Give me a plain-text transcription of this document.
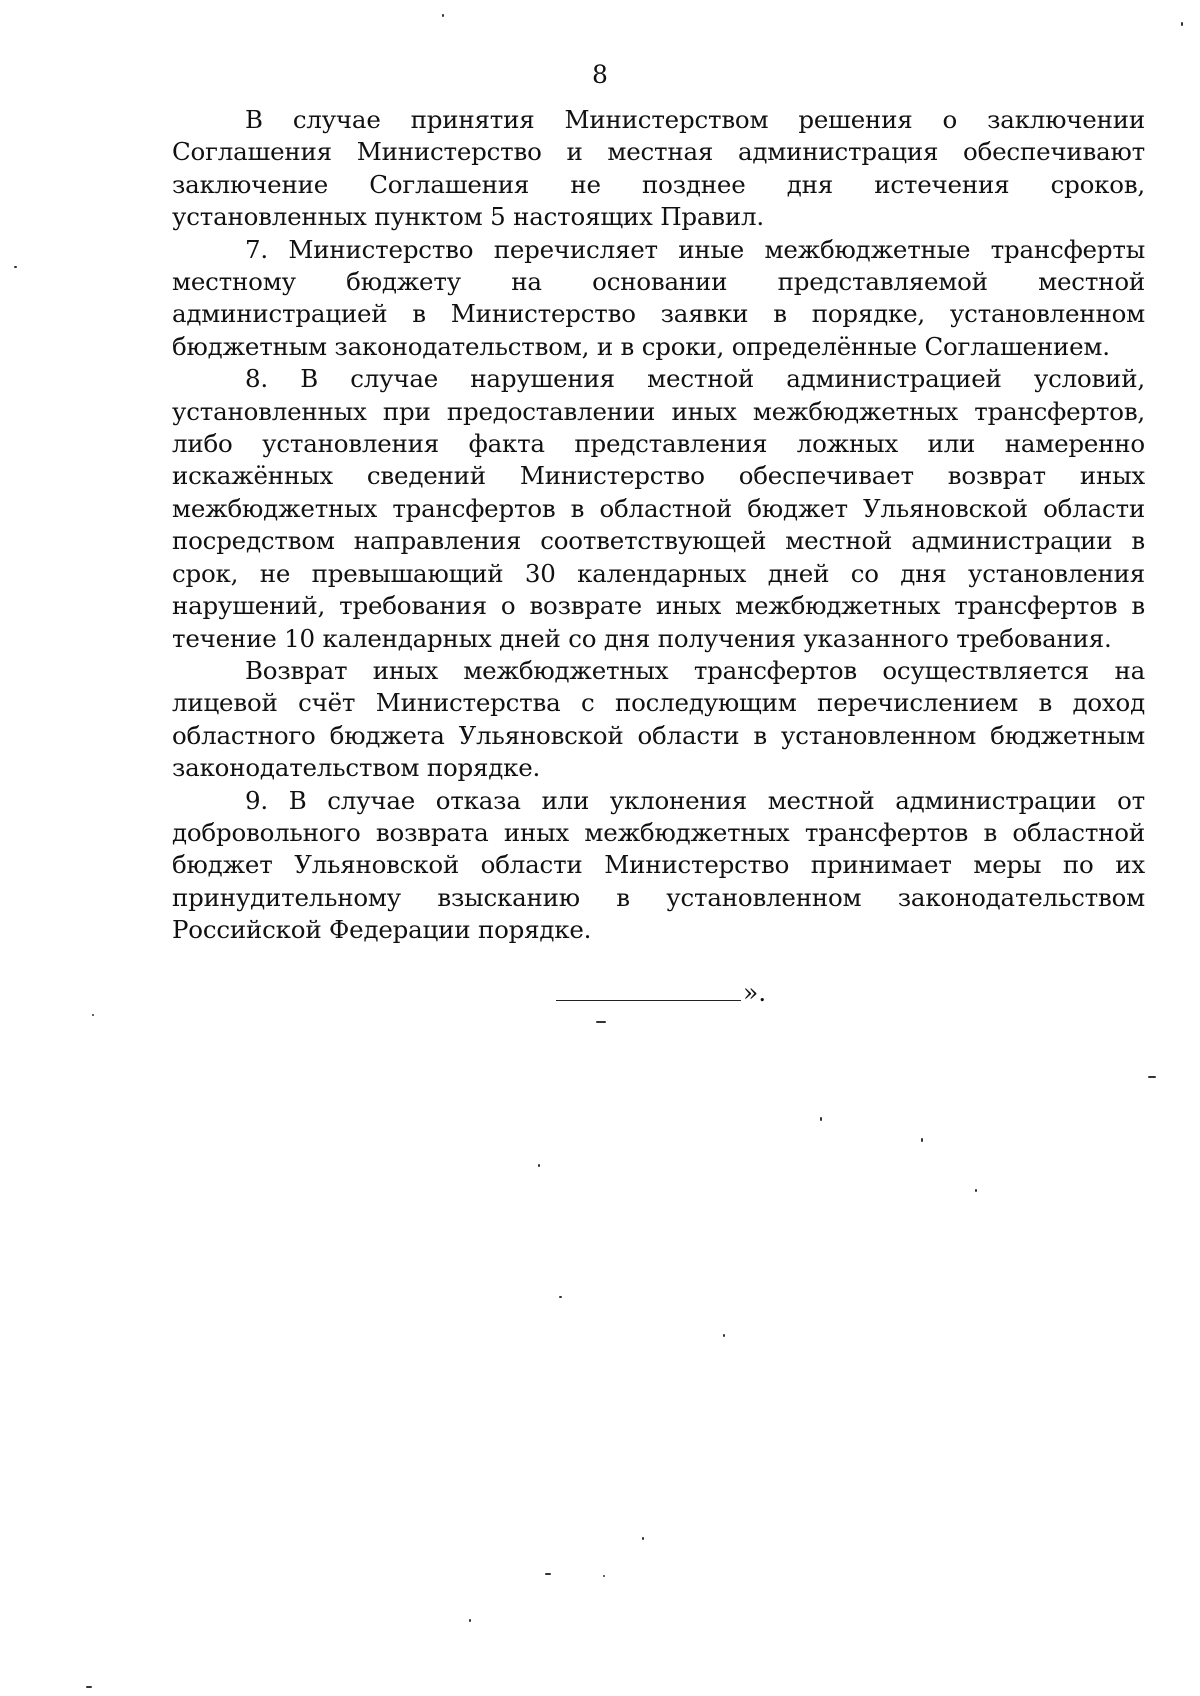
8

В случае принятия Министерством решения о заключении Соглашения Министерство и местная администрация обеспечивают заключение Соглашения не позднее дня истечения сроков, установленных пунктом 5 настоящих Правил.

7. Министерство перечисляет иные межбюджетные трансферты местному бюджету на основании представляемой местной администрацией в Министерство заявки в порядке, установленном бюджетным законодательством, и в сроки, определённые Соглашением.

8. В случае нарушения местной администрацией условий, установленных при предоставлении иных межбюджетных трансфертов, либо установления факта представления ложных или намеренно искажённых сведений Министерство обеспечивает возврат иных межбюджетных трансфертов в областной бюджет Ульяновской области посредством направления соответствующей местной администрации в срок, не превышающий 30 календарных дней со дня установления нарушений, требования о возврате иных межбюджетных трансфертов в течение 10 календарных дней со дня получения указанного требования.

Возврат иных межбюджетных трансфертов осуществляется на лицевой счёт Министерства с последующим перечислением в доход областного бюджета Ульяновской области в установленном бюджетным законодательством порядке.

9. В случае отказа или уклонения местной администрации от добровольного возврата иных межбюджетных трансфертов в областной бюджет Ульяновской области Министерство принимает меры по их принудительному взысканию в установленном законодательством Российской Федерации порядке.

».
